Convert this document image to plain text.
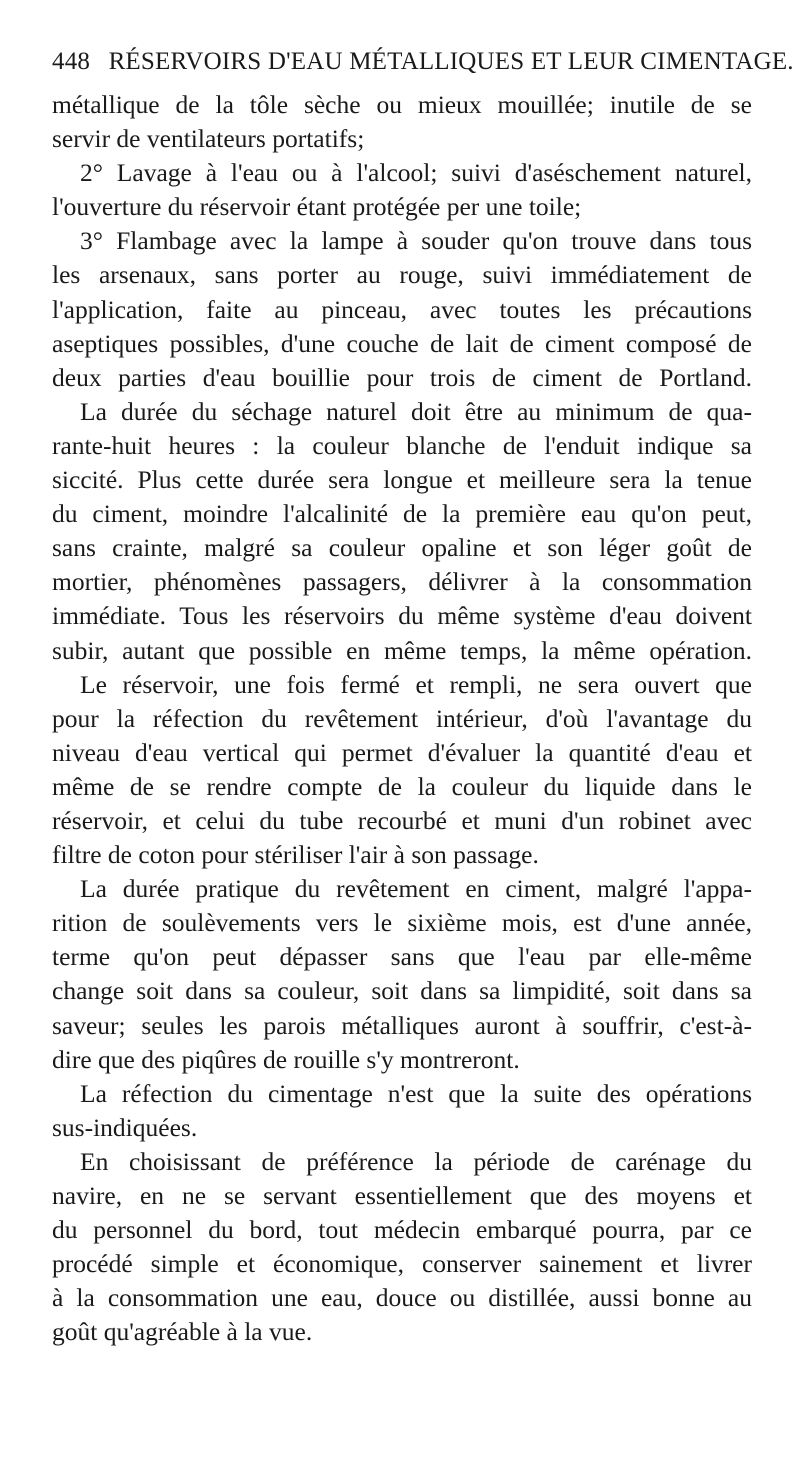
448 RÉSERVOIRS D'EAU MÉTALLIQUES ET LEUR CIMENTAGE.
métallique de la tôle sèche ou mieux mouillée; inutile de se
servir de ventilateurs portatifs;
2° Lavage à l'eau ou à l'alcool; suivi d'aséschement naturel,
l'ouverture du réservoir étant protégée per une toile;
3° Flambage avec la lampe à souder qu'on trouve dans tous
les arsenaux, sans porter au rouge, suivi immédiatement de
l'application, faite au pinceau, avec toutes les précautions
aseptiques possibles, d'une couche de lait de ciment composé de
deux parties d'eau bouillie pour trois de ciment de Portland.
La durée du séchage naturel doit être au minimum de qua-
rante-huit heures : la couleur blanche de l'enduit indique sa
siccité. Plus cette durée sera longue et meilleure sera la tenue
du ciment, moindre l'alcalinité de la première eau qu'on peut,
sans crainte, malgré sa couleur opaline et son léger goût de
mortier, phénomènes passagers, délivrer à la consommation
immédiate. Tous les réservoirs du même système d'eau doivent
subir, autant que possible en même temps, la même opération.
Le réservoir, une fois fermé et rempli, ne sera ouvert que
pour la réfection du revêtement intérieur, d'où l'avantage du
niveau d'eau vertical qui permet d'évaluer la quantité d'eau et
même de se rendre compte de la couleur du liquide dans le
réservoir, et celui du tube recourbé et muni d'un robinet avec
filtre de coton pour stériliser l'air à son passage.
La durée pratique du revêtement en ciment, malgré l'appa-
rition de soulèvements vers le sixième mois, est d'une année,
terme qu'on peut dépasser sans que l'eau par elle-même
change soit dans sa couleur, soit dans sa limpidité, soit dans sa
saveur; seules les parois métalliques auront à souffrir, c'est-à-
dire que des piqûres de rouille s'y montreront.
La réfection du cimentage n'est que la suite des opérations
sus-indiquées.
En choisissant de préférence la période de carénage du
navire, en ne se servant essentiellement que des moyens et
du personnel du bord, tout médecin embarqué pourra, par ce
procédé simple et économique, conserver sainement et livrer
à la consommation une eau, douce ou distillée, aussi bonne au
goût qu'agréable à la vue.
